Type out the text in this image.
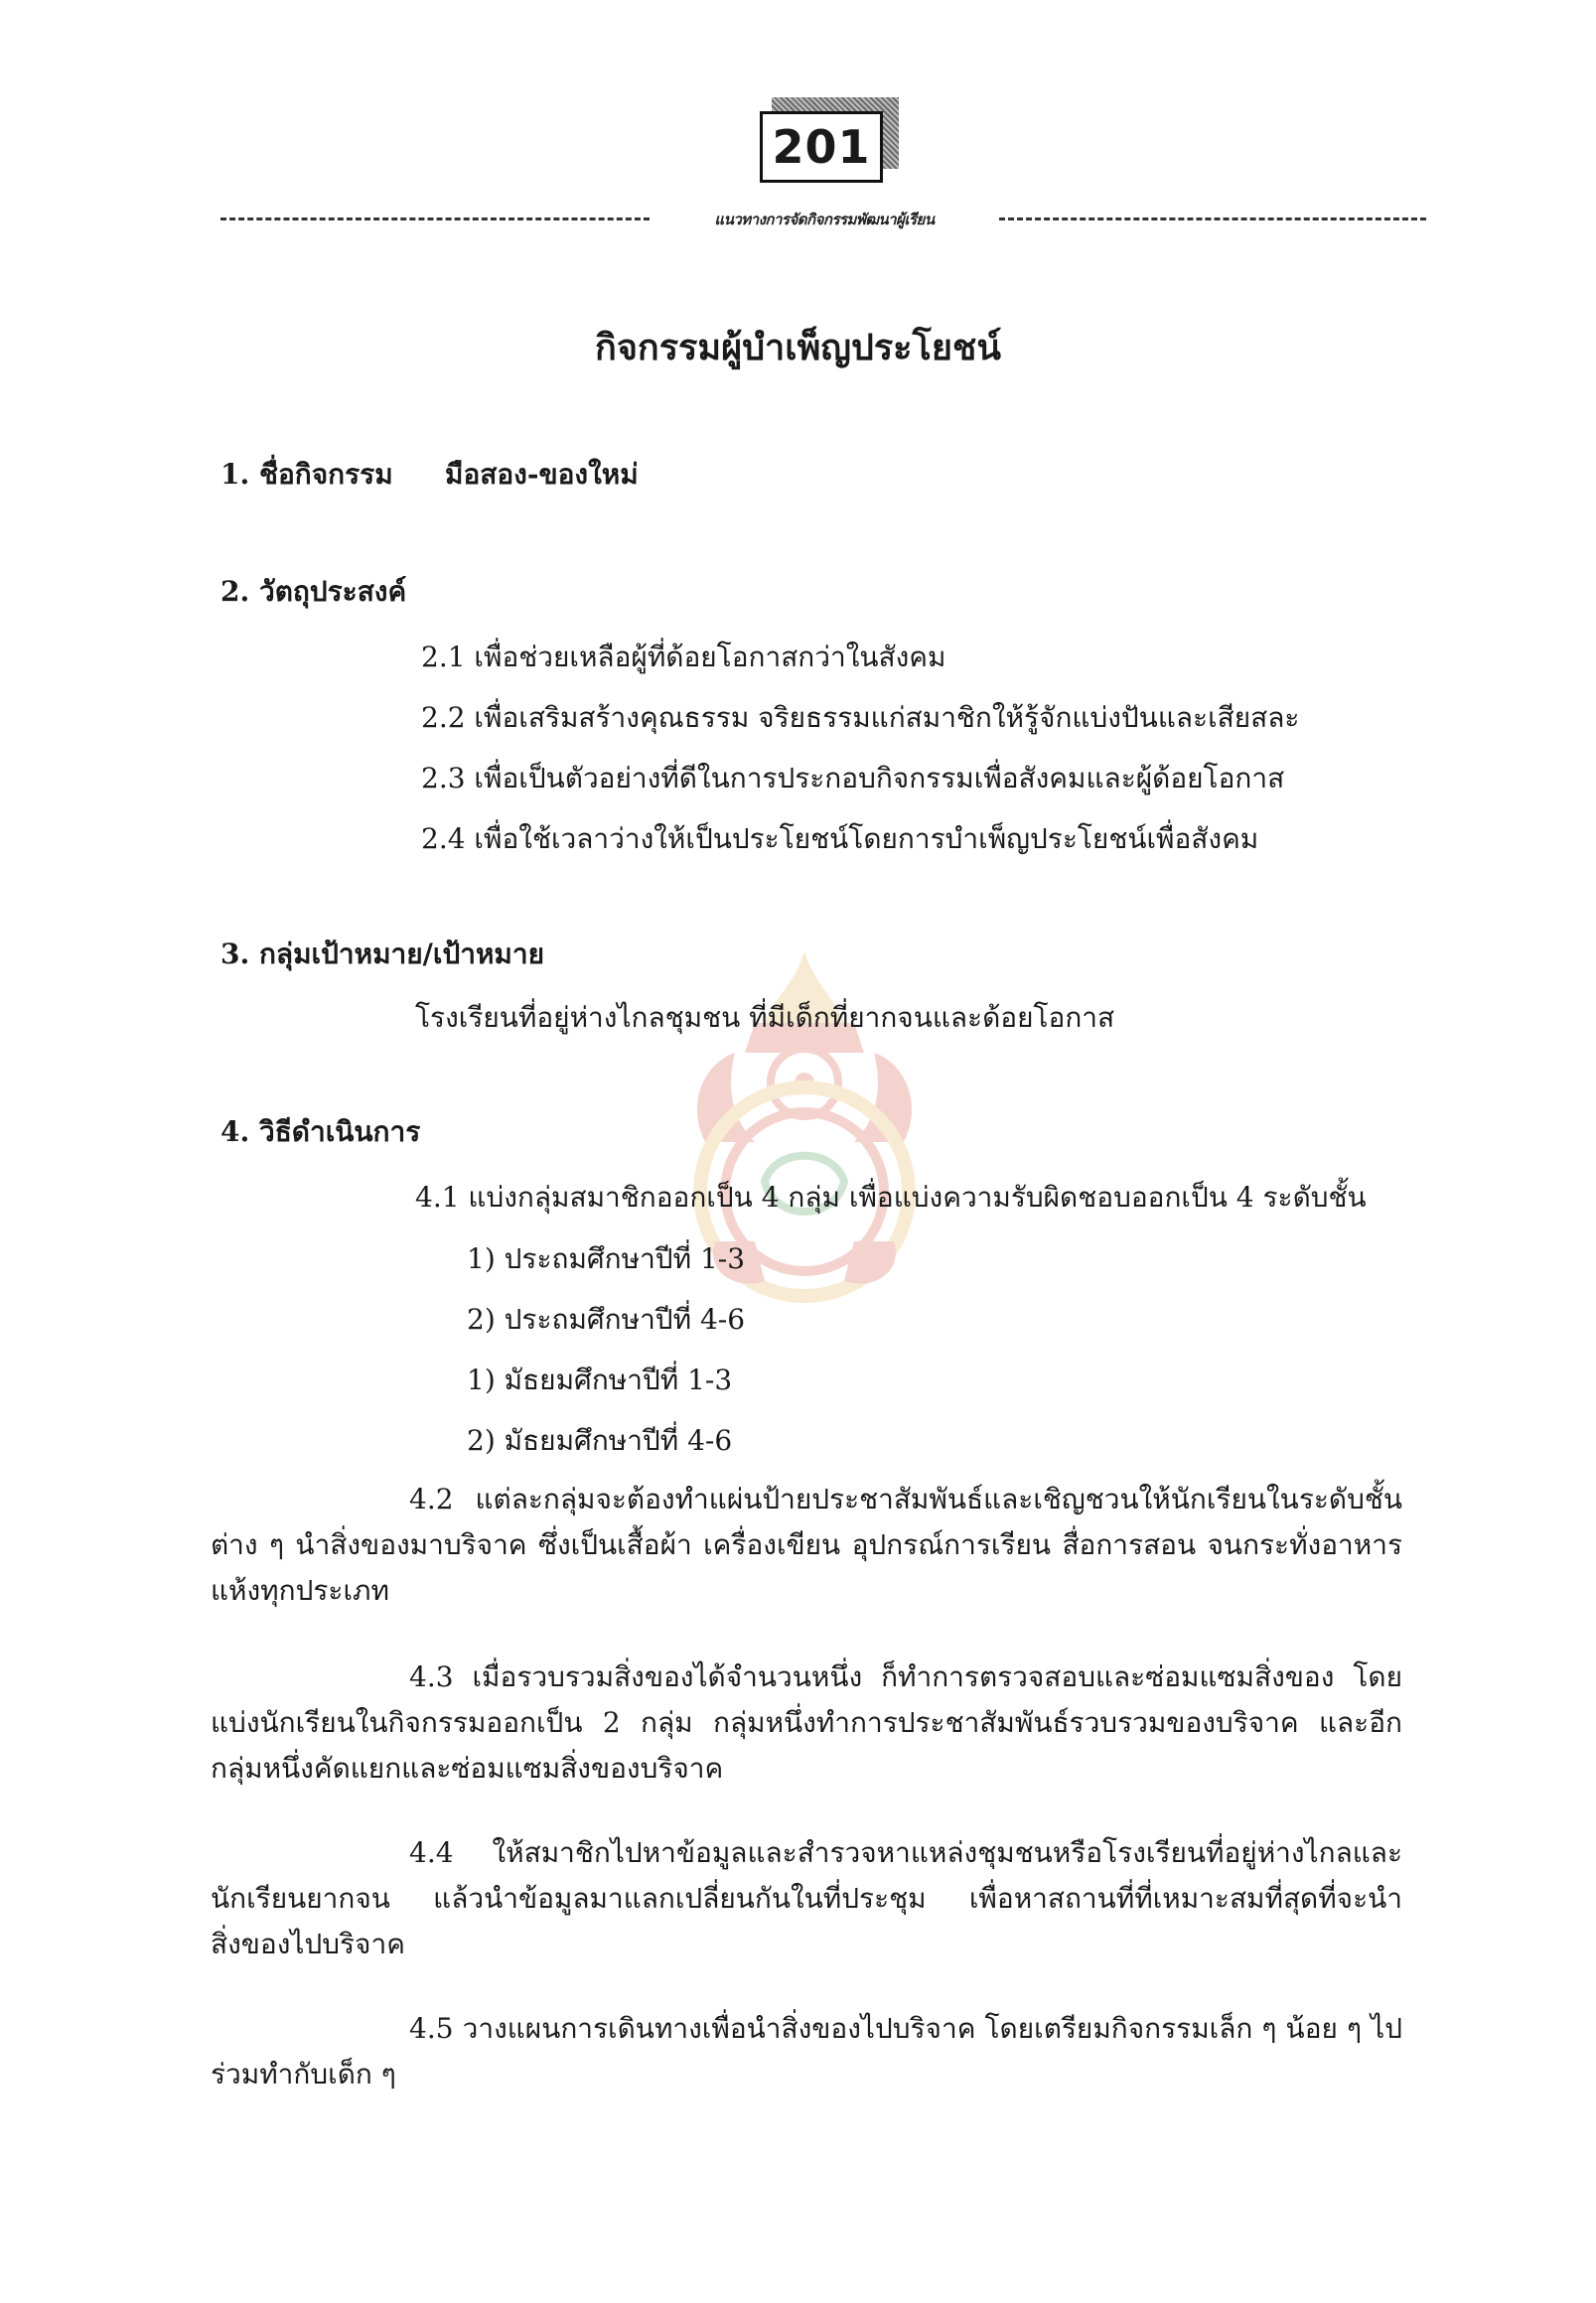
201
แนวทางการจัดกิจกรรมพัฒนาผู้เรียน
กิจกรรมผู้บำเพ็ญประโยชน์
1. ชื่อกิจกรรม มือสอง-ของใหม่
2. วัตถุประสงค์
2.1 เพื่อช่วยเหลือผู้ที่ด้อยโอกาสกว่าในสังคม
2.2 เพื่อเสริมสร้างคุณธรรม จริยธรรมแก่สมาชิกให้รู้จักแบ่งปันและเสียสละ
2.3 เพื่อเป็นตัวอย่างที่ดีในการประกอบกิจกรรมเพื่อสังคมและผู้ด้อยโอกาส
2.4 เพื่อใช้เวลาว่างให้เป็นประโยชน์โดยการบำเพ็ญประโยชน์เพื่อสังคม
3. กลุ่มเป้าหมาย/เป้าหมาย
โรงเรียนที่อยู่ห่างไกลชุมชน ที่มีเด็กที่ยากจนและด้อยโอกาส
4. วิธีดำเนินการ
4.1 แบ่งกลุ่มสมาชิกออกเป็น 4 กลุ่ม เพื่อแบ่งความรับผิดชอบออกเป็น 4 ระดับชั้น
1) ประถมศึกษาปีที่ 1-3
2) ประถมศึกษาปีที่ 4-6
1) มัธยมศึกษาปีที่ 1-3
2) มัธยมศึกษาปีที่ 4-6

4.2 แต่ละกลุ่มจะต้องทำแผ่นป้ายประชาสัมพันธ์และเชิญชวนให้นักเรียนในระดับชั้นต่าง ๆ นำสิ่งของมาบริจาค ซึ่งเป็นเสื้อผ้า เครื่องเขียน อุปกรณ์การเรียน สื่อการสอน จนกระทั่งอาหารแห้งทุกประเภท

4.3 เมื่อรวบรวมสิ่งของได้จำนวนหนึ่ง ก็ทำการตรวจสอบและซ่อมแซมสิ่งของ โดยแบ่งนักเรียนในกิจกรรมออกเป็น 2 กลุ่ม กลุ่มหนึ่งทำการประชาสัมพันธ์รวบรวมของบริจาค และอีกกลุ่มหนึ่งคัดแยกและซ่อมแซมสิ่งของบริจาค

4.4 ให้สมาชิกไปหาข้อมูลและสำรวจหาแหล่งชุมชนหรือโรงเรียนที่อยู่ห่างไกลและนักเรียนยากจน แล้วนำข้อมูลมาแลกเปลี่ยนกันในที่ประชุม เพื่อหาสถานที่ที่เหมาะสมที่สุดที่จะนำสิ่งของไปบริจาค

4.5 วางแผนการเดินทางเพื่อนำสิ่งของไปบริจาค โดยเตรียมกิจกรรมเล็ก ๆ น้อย ๆ ไปร่วมทำกับเด็ก ๆ
